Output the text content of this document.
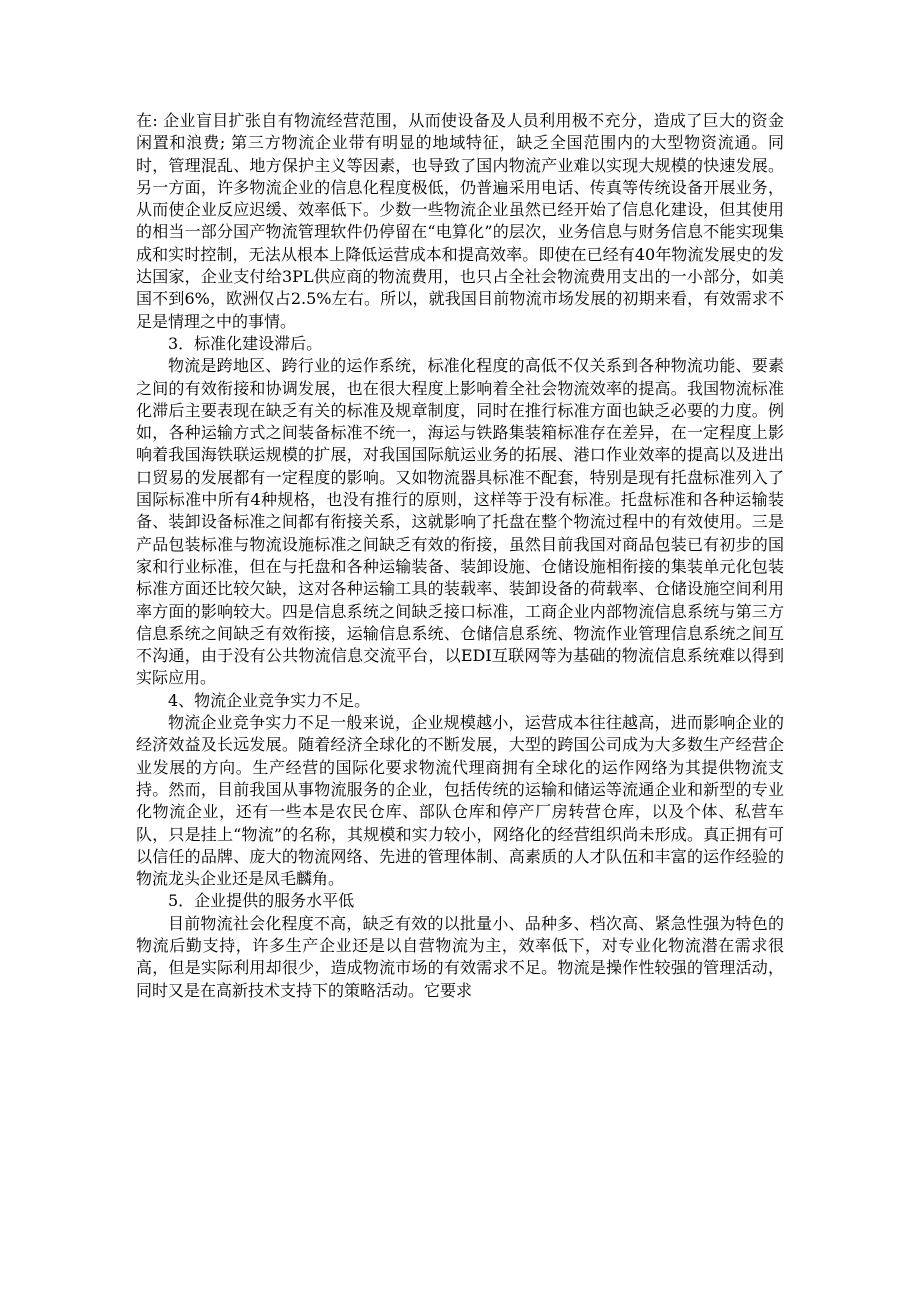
在: 企业盲目扩张自有物流经营范围，从而使设备及人员利用极不充分，造成了巨大的资金闲置和浪费; 第三方物流企业带有明显的地域特征，缺乏全国范围内的大型物资流通。同时，管理混乱、地方保护主义等因素，也导致了国内物流产业难以实现大规模的快速发展。另一方面，许多物流企业的信息化程度极低，仍普遍采用电话、传真等传统设备开展业务，从而使企业反应迟缓、效率低下。少数一些物流企业虽然已经开始了信息化建设，但其使用的相当一部分国产物流管理软件仍停留在“电算化”的层次，业务信息与财务信息不能实现集成和实时控制，无法从根本上降低运营成本和提高效率。即使在已经有40年物流发展史的发达国家，企业支付给3PL供应商的物流费用，也只占全社会物流费用支出的一小部分，如美国不到6%，欧洲仅占2.5%左右。所以，就我国目前物流市场发展的初期来看，有效需求不足是情理之中的事情。

3．标准化建设滞后。

物流是跨地区、跨行业的运作系统，标准化程度的高低不仅关系到各种物流功能、要素之间的有效衔接和协调发展，也在很大程度上影响着全社会物流效率的提高。我国物流标准化滞后主要表现在缺乏有关的标准及规章制度，同时在推行标准方面也缺乏必要的力度。例如，各种运输方式之间装备标准不统一，海运与铁路集装箱标准存在差异，在一定程度上影响着我国海铁联运规模的扩展，对我国国际航运业务的拓展、港口作业效率的提高以及进出口贸易的发展都有一定程度的影响。又如物流器具标准不配套，特别是现有托盘标准列入了国际标准中所有4种规格，也没有推行的原则，这样等于没有标准。托盘标准和各种运输装备、装卸设备标准之间都有衔接关系，这就影响了托盘在整个物流过程中的有效使用。三是产品包装标准与物流设施标准之间缺乏有效的衔接，虽然目前我国对商品包装已有初步的国家和行业标准，但在与托盘和各种运输装备、装卸设施、仓储设施相衔接的集装单元化包装标准方面还比较欠缺，这对各种运输工具的装载率、装卸设备的荷载率、仓储设施空间利用率方面的影响较大。四是信息系统之间缺乏接口标准，工商企业内部物流信息系统与第三方信息系统之间缺乏有效衔接，运输信息系统、仓储信息系统、物流作业管理信息系统之间互不沟通，由于没有公共物流信息交流平台，以EDI互联网等为基础的物流信息系统难以得到实际应用。

4、物流企业竞争实力不足。

物流企业竞争实力不足一般来说，企业规模越小，运营成本往往越高，进而影响企业的经济效益及长远发展。随着经济全球化的不断发展，大型的跨国公司成为大多数生产经营企业发展的方向。生产经营的国际化要求物流代理商拥有全球化的运作网络为其提供物流支持。然而，目前我国从事物流服务的企业，包括传统的运输和储运等流通企业和新型的专业化物流企业，还有一些本是农民仓库、部队仓库和停产厂房转营仓库，以及个体、私营车队，只是挂上“物流”的名称，其规模和实力较小，网络化的经营组织尚未形成。真正拥有可以信任的品牌、庞大的物流网络、先进的管理体制、高素质的人才队伍和丰富的运作经验的物流龙头企业还是凤毛麟角。

5．企业提供的服务水平低

目前物流社会化程度不高，缺乏有效的以批量小、品种多、档次高、紧急性强为特色的物流后勤支持，许多生产企业还是以自营物流为主，效率低下，对专业化物流潜在需求很高，但是实际利用却很少，造成物流市场的有效需求不足。物流是操作性较强的管理活动，同时又是在高新技术支持下的策略活动。它要求
